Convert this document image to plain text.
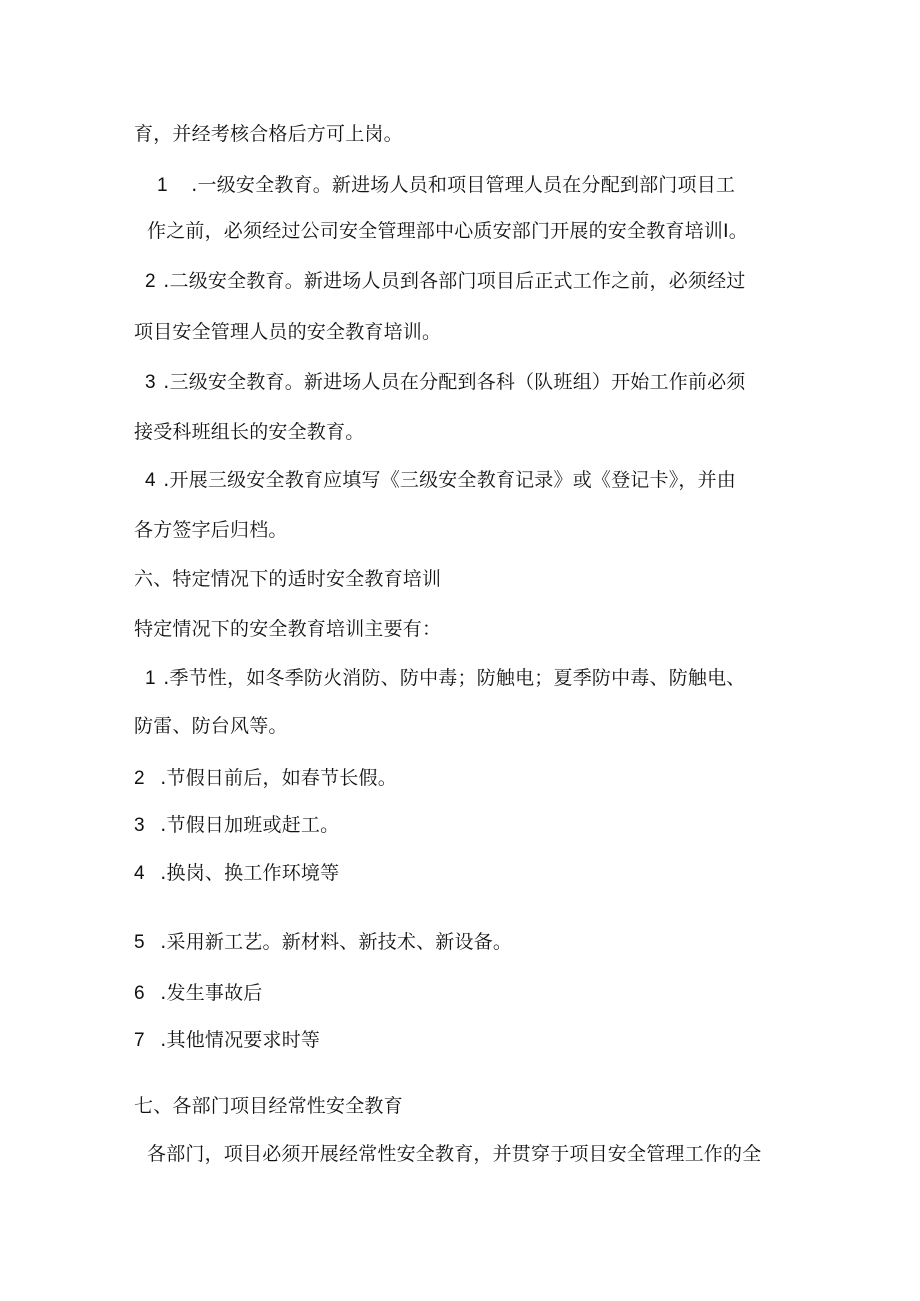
育，并经考核合格后方可上岗。
1 .一级安全教育。新进场人员和项目管理人员在分配到部门项目工
作之前，必须经过公司安全管理部中心质安部门开展的安全教育培训I。
2 .二级安全教育。新进场人员到各部门项目后正式工作之前，必须经过
项目安全管理人员的安全教育培训。
3 .三级安全教育。新进场人员在分配到各科（队班组）开始工作前必须
接受科班组长的安全教育。
4 .开展三级安全教育应填写《三级安全教育记录》或《登记卡》，并由
各方签字后归档。
六、特定情况下的适时安全教育培训
特定情况下的安全教育培训主要有：
1 .季节性，如冬季防火消防、防中毒；防触电；夏季防中毒、防触电、
防雷、防台风等。
2 .节假日前后，如春节长假。
3 .节假日加班或赶工。
4 .换岗、换工作环境等
5 .采用新工艺。新材料、新技术、新设备。
6 .发生事故后
7 .其他情况要求时等
七、各部门项目经常性安全教育
各部门，项目必须开展经常性安全教育，并贯穿于项目安全管理工作的全
